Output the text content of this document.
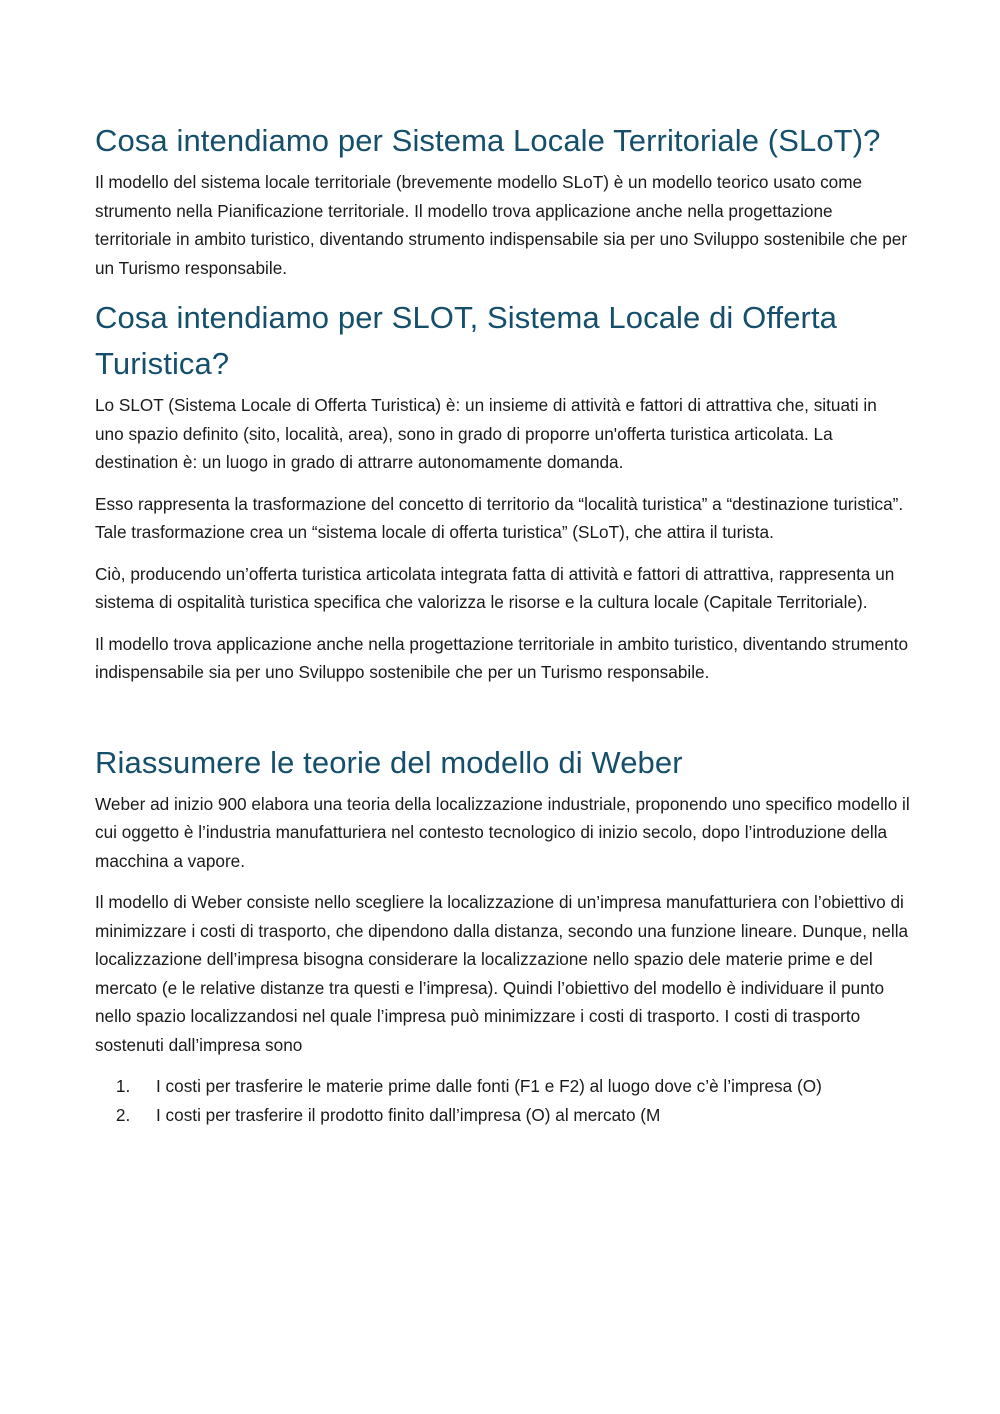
Cosa intendiamo per Sistema Locale Territoriale (SLoT)?

Il modello del sistema locale territoriale (brevemente modello SLoT) è un modello teorico usato come strumento nella Pianificazione territoriale. Il modello trova applicazione anche nella progettazione territoriale in ambito turistico, diventando strumento indispensabile sia per uno Sviluppo sostenibile che per un Turismo responsabile.

Cosa intendiamo per SLOT, Sistema Locale di Offerta Turistica?

Lo SLOT (Sistema Locale di Offerta Turistica) è: un insieme di attività e fattori di attrattiva che, situati in uno spazio definito (sito, località, area), sono in grado di proporre un'offerta turistica articolata. La destination è: un luogo in grado di attrarre autonomamente domanda.

Esso rappresenta la trasformazione del concetto di territorio da “località turistica” a “destinazione turistica”. Tale trasformazione crea un “sistema locale di offerta turistica” (SLoT), che attira il turista.

Ciò, producendo un’offerta turistica articolata integrata fatta di attività e fattori di attrattiva, rappresenta un sistema di ospitalità turistica specifica che valorizza le risorse e la cultura locale (Capitale Territoriale).

Il modello trova applicazione anche nella progettazione territoriale in ambito turistico, diventando strumento indispensabile sia per uno Sviluppo sostenibile che per un Turismo responsabile.

Riassumere le teorie del modello di Weber

Weber ad inizio 900 elabora una teoria della localizzazione industriale, proponendo uno specifico modello il cui oggetto è l’industria manufatturiera nel contesto tecnologico di inizio secolo, dopo l’introduzione della macchina a vapore.

Il modello di Weber consiste nello scegliere la localizzazione di un’impresa manufatturiera con l’obiettivo di minimizzare i costi di trasporto, che dipendono dalla distanza, secondo una funzione lineare. Dunque, nella localizzazione dell’impresa bisogna considerare la localizzazione nello spazio dele materie prime e del mercato (e le relative distanze tra questi e l’impresa). Quindi l’obiettivo del modello è individuare il punto nello spazio localizzandosi nel quale l’impresa può minimizzare i costi di trasporto. I costi di trasporto sostenuti dall’impresa sono

1. I costi per trasferire le materie prime dalle fonti (F1 e F2) al luogo dove c’è l’impresa (O)
2. I costi per trasferire il prodotto finito dall’impresa (O) al mercato (M
